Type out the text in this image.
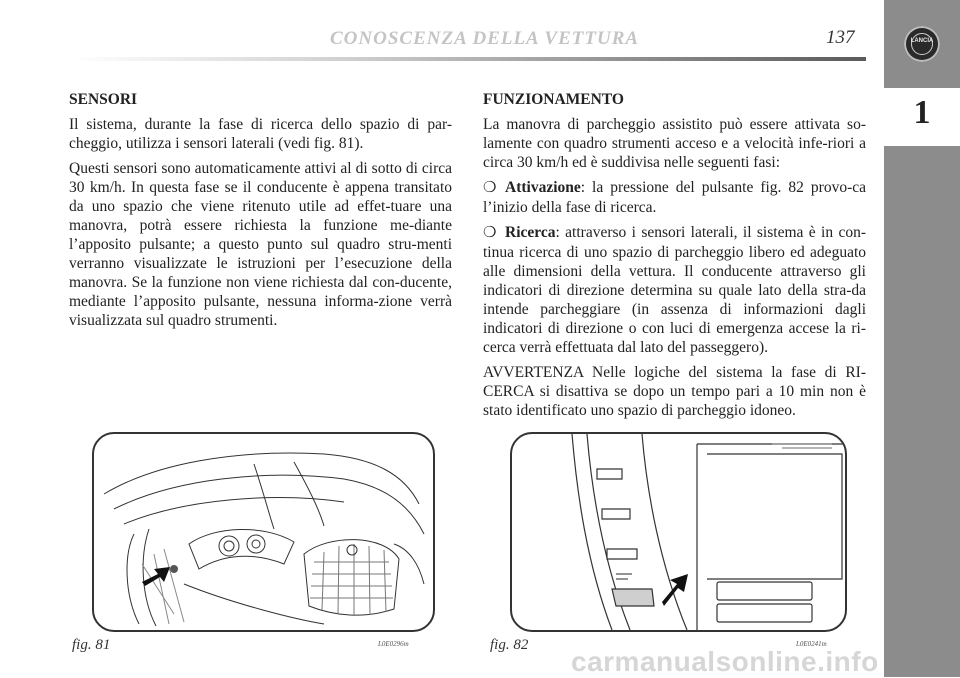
CONOSCENZA DELLA VETTURA	137	LANCIA
1

SENSORI

Il sistema, durante la fase di ricerca dello spazio di par-cheggio, utilizza i sensori laterali (vedi fig. 81).

Questi sensori sono automaticamente attivi al di sotto di circa 30 km/h. In questa fase se il conducente è appena transitato da uno spazio che viene ritenuto utile ad effet-tuare una manovra, potrà essere richiesta la funzione me-diante l’apposito pulsante; a questo punto sul quadro stru-menti verranno visualizzate le istruzioni per l’esecuzione della manovra. Se la funzione non viene richiesta dal con-ducente, mediante l’apposito pulsante, nessuna informa-zione verrà visualizzata sul quadro strumenti.

FUNZIONAMENTO

La manovra di parcheggio assistito può essere attivata so-lamente con quadro strumenti acceso e a velocità infe-riori a circa 30 km/h ed è suddivisa nelle seguenti fasi:

❍ Attivazione: la pressione del pulsante fig. 82 provo-ca l’inizio della fase di ricerca.

❍ Ricerca: attraverso i sensori laterali, il sistema è in con-tinua ricerca di uno spazio di parcheggio libero ed adeguato alle dimensioni della vettura. Il conducente attraverso gli indicatori di direzione determina su quale lato della stra-da intende parcheggiare (in assenza di informazioni dagli indicatori di direzione o con luci di emergenza accese la ri-cerca verrà effettuata dal lato del passeggero).

AVVERTENZA Nelle logiche del sistema la fase di RI-CERCA si disattiva se dopo un tempo pari a 10 min non è stato identificato uno spazio di parcheggio idoneo.

fig. 81	L0E0296m	fig. 82	L0E0241m
carmanualsonline.info
